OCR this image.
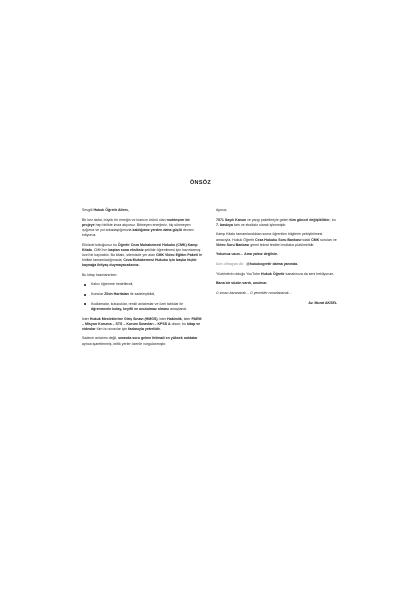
ÖNSÖZ

Sevgili Hukuk Öğretir Ailem,

Bir kez daha, büyük bir emeğin ve inancın ürünü olan muhteşem bir projeye hep birlikte imza atıyoruz. Bitmeyen enerjimiz, hiç sönmeyen ışığımız ve yol arkadaşlığımızla kaldığımız yerden daha güçlü devam ediyoruz.

Elinizde tuttuğunuz bu Öğretir Ceza Muhakemesi Hukuku (CMK) Kamp Kitabı, CMK'nın baştan sona eksiksiz şekilde öğrenilmesi için hazırlanmış özel bir kaynaktır. Bu kitabı, sitemizde yer alan CMK Video Eğitim Paketi ile birlikte tamamladığınızda; Ceza Muhakemesi Hukuku için başka hiçbir kaynağa ihtiyaç duymayacaksınız.

Bu kitap hazırlanırken:

Kalıcı öğrenme hedeflendi,
Konular Zihin Haritaları ile sadeleştirildi,
Kodlamalar, kutucuklar, renkli anlatımlar ve özel tablolar ile öğrenmenin kolay, keyifli ve unutulmaz olması amaçlandı.

İster Hukuk Mesleklerine Giriş Sınavı (HMGS), ister Hakimlik, ister PAEM – Misyon Koruma – STS – Kurum Sınavları – KPSS A olsun; bu kitap ve videolar tüm bu sınavlar için fazlasıyla yeterlidir.

Sadece anlatımı değil, sınavda soru gelme ihtimali en yüksek noktalar ayrıca işaretlenmiş, kritik yerler özenle vurgulanmıştır.

Ayrıca;

7571 Sayılı Kanun ve yargı paketleriyle gelen tüm güncel değişiklikler, bu 7. baskıya tam ve eksiksiz olarak işlenmiştir.

Kamp Kitabı tamamlandıktan sonra öğrenilen bilgilerin pekiştirilmesi amacıyla, Hukuk Öğretir Ceza Hukuku Soru Bankası'ndaki CMK soruları ve Video Soru Bankası genel tekrar testleri mutlaka çözülmelidir.

Yolumuz uzun… Ama yalnız değilsin.

Sen olmayan da @hukukogretir daima yanında.

Yüzbinlerin olduğu YouTube Hukuk Öğretir kanalımıza da seni bekliyorum.

Bana bir sözün vardı, unutma:

O sınavı kazanacak… O yemekler ısmarlanacak…

Av. Murat AKSEL
